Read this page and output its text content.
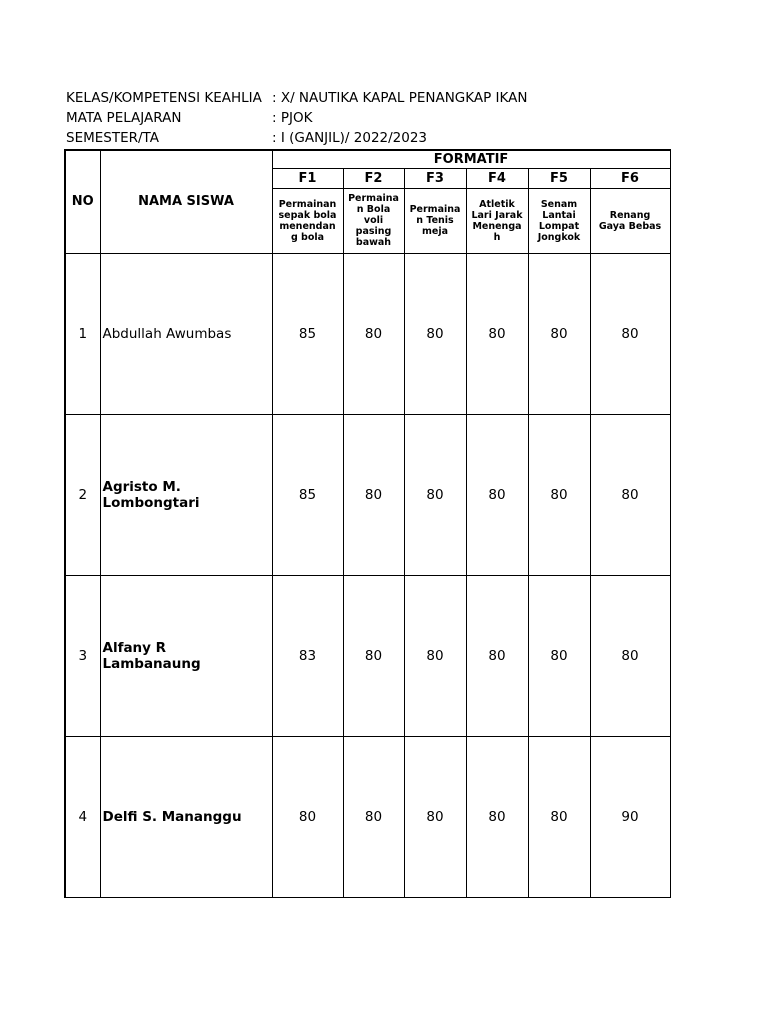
KELAS/KOMPETENSI KEAHLIA : X/ NAUTIKA KAPAL PENANGKAP IKAN
MATA PELAJARAN	: PJOK
SEMESTER/TA	: I (GANJIL)/ 2022/2023
NO	NAMA SISWA	FORMATIF					
		F1	F2	F3	F4	F5	F6
		Permainan
sepak bola
menendan
g bola	Permaina
n Bola
voli
pasing
bawah	Permaina
n Tenis
meja	Atletik
Lari Jarak
Menenga
h	Senam
Lantai
Lompat
Jongkok	Renang
Gaya Bebas
1	Abdullah Awumbas	85	80	80	80	80	80
2	Agristo M.
Lombongtari	85	80	80	80	80	80
3	Alfany R
Lambanaung	83	80	80	80	80	80
4	Delfi S. Mananggu	80	80	80	80	80	90
